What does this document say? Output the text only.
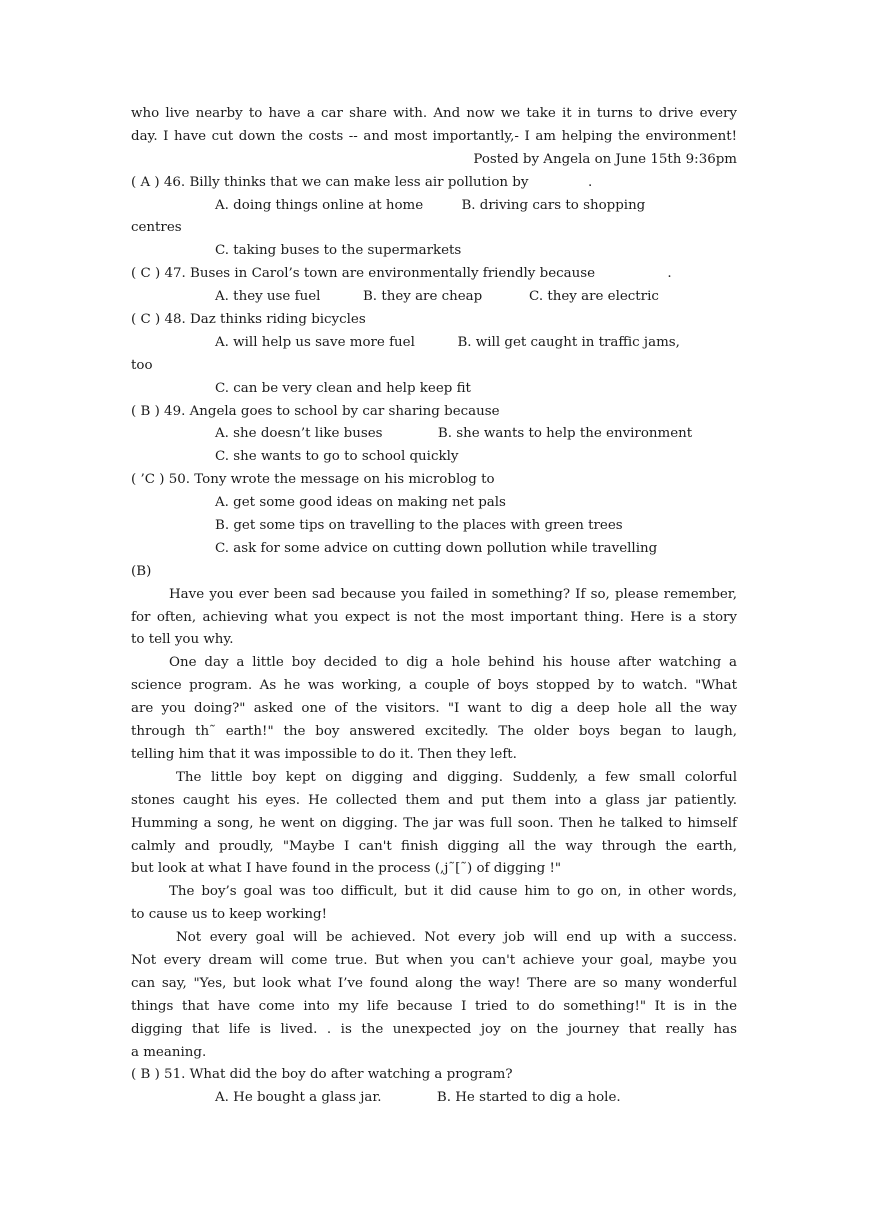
who live nearby to have a car share with. And now we take it in turns to drive every
day. I have cut down the costs -- and most importantly,- I am helping the environment!
Posted by Angela on June 15th 9:36pm
( A ) 46. Billy thinks that we can make less air pollution by              .
A. doing things online at home         B. driving cars to shopping
centres
C. taking buses to the supermarkets
( C ) 47. Buses in Carol’s town are environmentally friendly because                 .
A. they use fuel          B. they are cheap           C. they are electric
( C ) 48. Daz thinks riding bicycles
A. will help us save more fuel          B. will get caught in traffic jams,
too
C. can be very clean and help keep fit
( B ) 49. Angela goes to school by car sharing because
A. she doesn’t like buses             B. she wants to help the environment
C. she wants to go to school quickly
( ’C ) 50. Tony wrote the message on his microblog to
A. get some good ideas on making net pals
B. get some tips on travelling to the places with green trees
C. ask for some advice on cutting down pollution while travelling
(B)
Have you ever been sad because you failed in something? If so, please remember,
for often, achieving what you expect is not the most important thing. Here is a story
to tell you why.
One day a little boy decided to dig a hole behind his house after watching a
science program. As he was working, a couple of boys stopped by to watch. "What
are you doing?" asked one of the visitors. "I want to dig a deep hole all the way
through th˜ earth!" the boy answered excitedly. The older boys began to laugh,
telling him that it was impossible to do it. Then they left.
The little boy kept on digging and digging. Suddenly, a few small colorful
stones caught his eyes. He collected them and put them into a glass jar patiently.
Humming a song, he went on digging. The jar was full soon. Then he talked to himself
calmly and proudly, "Maybe I can't finish digging all the way through the earth,
but look at what I have found in the process (,j˜[˜) of digging !"
The boy’s goal was too difficult, but it did cause him to go on, in other words,
to cause us to keep working!
Not every goal will be achieved. Not every job will end up with a success.
Not every dream will come true. But when you can't achieve your goal, maybe you
can say, "Yes, but look what I’ve found along the way! There are so many wonderful
things that have come into my life because I tried to do something!" It is in the
digging that life is lived. . is the unexpected joy on the journey that really has
a meaning.
( B ) 51. What did the boy do after watching a program?
A. He bought a glass jar.             B. He started to dig a hole.
